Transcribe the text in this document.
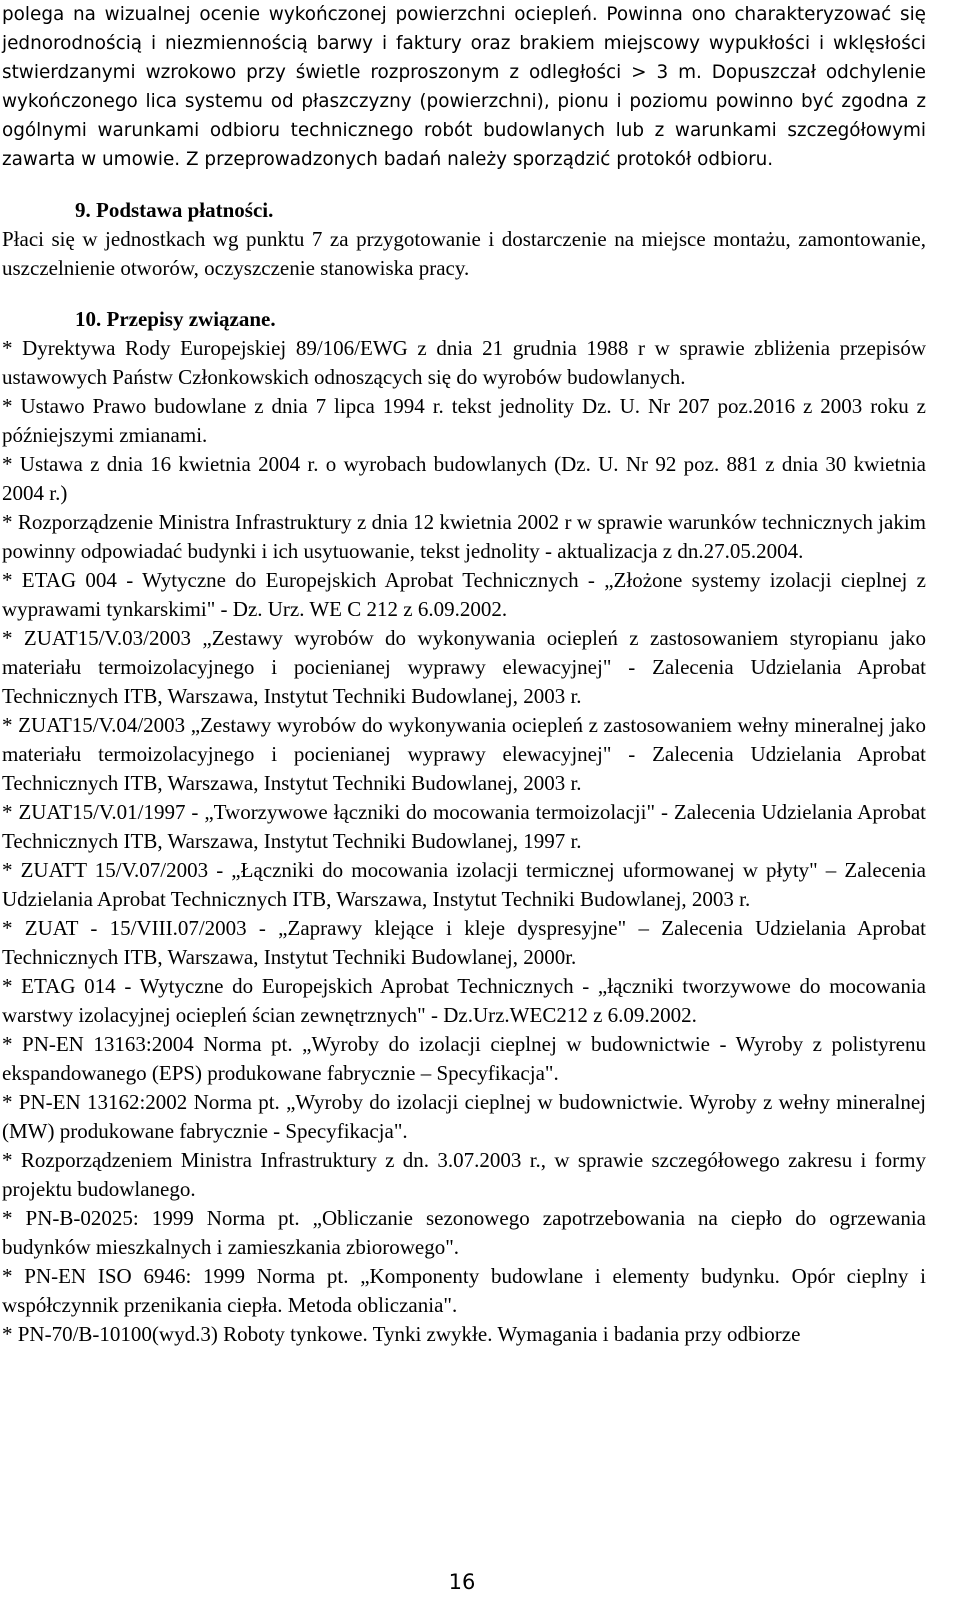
polega na wizualnej ocenie wykończonej powierzchni ociepleń. Powinna ono charakteryzować się jednorodnością i niezmiennością barwy i faktury oraz brakiem miejscowy wypukłości i wklęsłości stwierdzanymi wzrokowo przy świetle rozproszonym z odległości > 3 m. Dopuszczał odchylenie wykończonego lica systemu od płaszczyzny (powierzchni), pionu i poziomu powinno być zgodna z ogólnymi warunkami odbioru technicznego robót budowlanych lub z warunkami szczegółowymi zawarta w umowie. Z przeprowadzonych badań należy sporządzić protokół odbioru.

9. Podstawa płatności.

Płaci się w jednostkach wg punktu 7 za przygotowanie i dostarczenie na miejsce montażu, zamontowanie, uszczelnienie otworów, oczyszczenie stanowiska pracy.

10. Przepisy związane.

* Dyrektywa Rody Europejskiej 89/106/EWG z dnia 21 grudnia 1988 r w sprawie zbliżenia przepisów ustawowych Państw Członkowskich odnoszących się do wyrobów budowlanych.

* Ustawo Prawo budowlane z dnia 7 lipca 1994 r. tekst jednolity Dz. U. Nr 207 poz.2016 z 2003 roku z późniejszymi zmianami.

* Ustawa z dnia 16 kwietnia 2004 r. o wyrobach budowlanych (Dz. U. Nr 92 poz. 881 z dnia 30 kwietnia 2004 r.)

* Rozporządzenie Ministra Infrastruktury z dnia 12 kwietnia 2002 r w sprawie warunków technicznych jakim powinny odpowiadać budynki i ich usytuowanie, tekst jednolity - aktualizacja z dn.27.05.2004.

* ETAG 004 - Wytyczne do Europejskich Aprobat Technicznych - „Złożone systemy izolacji cieplnej z wyprawami tynkarskimi" - Dz. Urz. WE C 212 z 6.09.2002.

* ZUAT15/V.03/2003 „Zestawy wyrobów do wykonywania ociepleń z zastosowaniem styropianu jako materiału termoizolacyjnego i pocienianej wyprawy elewacyjnej" - Zalecenia Udzielania Aprobat Technicznych ITB, Warszawa, Instytut Techniki Budowlanej, 2003 r.

* ZUAT15/V.04/2003 „Zestawy wyrobów do wykonywania ociepleń z zastosowaniem wełny mineralnej jako materiału termoizolacyjnego i pocienianej wyprawy elewacyjnej" - Zalecenia Udzielania Aprobat Technicznych ITB, Warszawa, Instytut Techniki Budowlanej, 2003 r.

* ZUAT15/V.01/1997 - „Tworzywowe łączniki do mocowania termoizolacji" - Zalecenia Udzielania Aprobat Technicznych ITB, Warszawa, Instytut Techniki Budowlanej, 1997 r.

* ZUATT 15/V.07/2003 - „Łączniki do mocowania izolacji termicznej uformowanej w płyty" – Zalecenia Udzielania Aprobat Technicznych ITB, Warszawa, Instytut Techniki Budowlanej, 2003 r.

* ZUAT - 15/VIII.07/2003 - „Zaprawy klejące i kleje dyspresyjne" – Zalecenia Udzielania Aprobat Technicznych ITB, Warszawa, Instytut Techniki Budowlanej, 2000r.

* ETAG 014 - Wytyczne do Europejskich Aprobat Technicznych - „łączniki tworzywowe do mocowania warstwy izolacyjnej ociepleń ścian zewnętrznych" - Dz.Urz.WEC212 z 6.09.2002.

* PN-EN 13163:2004 Norma pt. „Wyroby do izolacji cieplnej w budownictwie - Wyroby z polistyrenu ekspandowanego (EPS) produkowane fabrycznie – Specyfikacja".

* PN-EN 13162:2002 Norma pt. „Wyroby do izolacji cieplnej w budownictwie. Wyroby z wełny mineralnej (MW) produkowane fabrycznie - Specyfikacja".

* Rozporządzeniem Ministra Infrastruktury z dn. 3.07.2003 r., w sprawie szczegółowego zakresu i formy projektu budowlanego.

* PN-B-02025: 1999 Norma pt. „Obliczanie sezonowego zapotrzebowania na ciepło do ogrzewania budynków mieszkalnych i zamieszkania zbiorowego".

* PN-EN ISO 6946: 1999 Norma pt. „Komponenty budowlane i elementy budynku. Opór cieplny i współczynnik przenikania ciepła. Metoda obliczania".

* PN-70/B-10100(wyd.3) Roboty tynkowe. Tynki zwykłe. Wymagania i badania przy odbiorze

16
